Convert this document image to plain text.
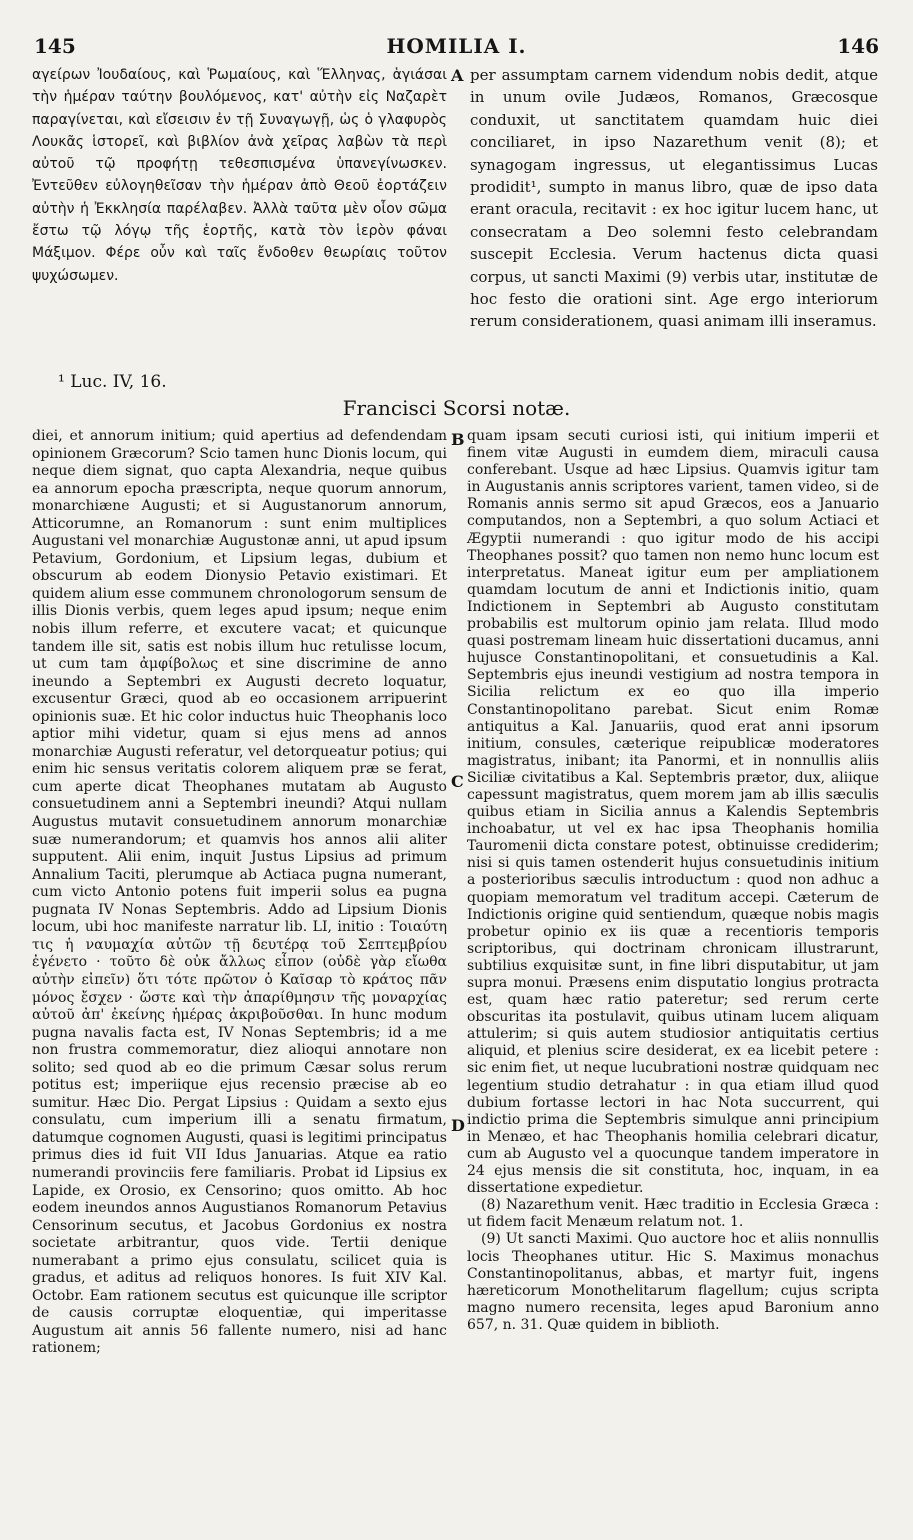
145	HOMILIA I.	146

αγείρων Ἰουδαίους, καὶ Ῥωμαίους, καὶ Ἕλληνας, ἁγιάσαι τὴν ἡμέραν ταύτην βουλόμενος, κατ' αὐτὴν εἰς Ναζαρὲτ παραγίνεται, καὶ εἴσεισιν ἐν τῇ Συναγωγῇ, ὡς ὁ γλαφυρὸς Λουκᾶς ἱστορεῖ, καὶ βιβλίον ἀνὰ χεῖρας λαβὼν τὰ περὶ αὐτοῦ τῷ προφήτῃ τεθεσπισμένα ὑπανεγίνωσκεν. Ἐντεῦθεν εὐλογηθεῖσαν τὴν ἡμέραν ἀπὸ Θεοῦ ἑορτάζειν αὐτὴν ἡ Ἐκκλησία παρέλαβεν. Ἀλλὰ ταῦτα μὲν οἷον σῶμα ἔστω τῷ λόγῳ τῆς ἑορτῆς, κατὰ τὸν ἱερὸν φάναι Μάξιμον. Φέρε οὖν καὶ ταῖς ἔνδοθεν θεωρίαις τοῦτον ψυχώσωμεν.

A per assumptam carnem videndum nobis dedit, atque in unum ovile Judæos, Romanos, Græcosque conduxit, ut sanctitatem quamdam huic diei conciliaret, in ipso Nazarethum venit (8); et synagogam ingressus, ut elegantissimus Lucas prodidit¹, sumpto in manus libro, quæ de ipso data erant oracula, recitavit : ex hoc igitur lucem hanc, ut consecratam a Deo solemni festo celebrandam suscepit Ecclesia. Verum hactenus dicta quasi corpus, ut sancti Maximi (9) verbis utar, institutæ de hoc festo die orationi sint. Age ergo interiorum rerum considerationem, quasi animam illi inseramus.

¹ Luc. IV, 16.
Francisci Scorsi notæ.

diei, et annorum initium; quid apertius ad defendendam opinionem Græcorum? Scio tamen hunc Dionis locum, qui neque diem signat, quo capta Alexandria, neque quibus ea annorum epocha præscripta, neque quorum annorum, monarchiæne Augusti; et si Augustanorum annorum, Atticorumne, an Romanorum : sunt enim multiplices Augustani vel monarchiæ Augustonæ anni, ut apud ipsum Petavium, Gordonium, et Lipsium legas, dubium et obscurum ab eodem Dionysio Petavio existimari. Et quidem alium esse communem chronologorum sensum de illis Dionis verbis, quem leges apud ipsum; neque enim nobis illum referre, et excutere vacat; et quicunque tandem ille sit, satis est nobis illum huc retulisse locum, ut cum tam ἀμφίβολως et sine discrimine de anno ineundo a Septembri ex Augusti decreto loquatur, excusentur Græci, quod ab eo occasionem arripuerint opinionis suæ. Et hic color inductus huic Theophanis loco aptior mihi videtur, quam si ejus mens ad annos monarchiæ Augusti referatur, vel detorqueatur potius; qui enim hic sensus veritatis colorem aliquem præ se ferat, cum aperte dicat Theophanes mutatam ab Augusto consuetudinem anni a Septembri ineundi? Atqui nullam Augustus mutavit consuetudinem annorum monarchiæ suæ numerandorum; et quamvis hos annos alii aliter supputent. Alii enim, inquit Justus Lipsius ad primum Annalium Taciti, plerumque ab Actiaca pugna numerant, cum victo Antonio potens fuit imperii solus ea pugna pugnata IV Nonas Septembris. Addo ad Lipsium Dionis locum, ubi hoc manifeste narratur lib. LI, initio : Τοιαύτη τις ἡ ναυμαχία αὐτῶν τῇ δευτέρᾳ τοῦ Σεπτεμβρίου ἐγένετο · τοῦτο δὲ οὐκ ἄλλως εἶπον (οὐδὲ γὰρ εἴωθα αὐτὴν εἰπεῖν) ὅτι τότε πρῶτον ὁ Καῖσαρ τὸ κράτος πᾶν μόνος ἔσχεν · ὥστε καὶ τὴν ἀπαρίθμησιν τῆς μοναρχίας αὐτοῦ ἀπ' ἐκείνης ἡμέρας ἀκριβοῦσθαι. In hunc modum pugna navalis facta est, IV Nonas Septembris; id a me non frustra commemoratur, diez alioqui annotare non solito; sed quod ab eo die primum Cæsar solus rerum potitus est; imperiique ejus recensio præcise ab eo sumitur. Hæc Dio. Pergat Lipsius : Quidam a sexto ejus consulatu, cum imperium illi a senatu firmatum, datumque cognomen Augusti, quasi is legitimi principatus primus dies id fuit VII Idus Januarias. Atque ea ratio numerandi provinciis fere familiaris. Probat id Lipsius ex Lapide, ex Orosio, ex Censorino; quos omitto. Ab hoc eodem ineundos annos Augustianos Romanorum Petavius Censorinum secutus, et Jacobus Gordonius ex nostra societate arbitrantur, quos vide. Tertii denique numerabant a primo ejus consulatu, scilicet quia is gradus, et aditus ad reliquos honores. Is fuit XIV Kal. Octobr. Eam rationem secutus est quicunque ille scriptor de causis corruptæ eloquentiæ, qui imperitasse Augustum ait annis 56 fallente numero, nisi ad hanc rationem;

B
C
D

quam ipsam secuti curiosi isti, qui initium imperii et finem vitæ Augusti in eumdem diem, miraculi causa conferebant. Usque ad hæc Lipsius. Quamvis igitur tam in Augustanis annis scriptores varient, tamen video, si de Romanis annis sermo sit apud Græcos, eos a Januario computandos, non a Septembri, a quo solum Actiaci et Ægyptii numerandi : quo igitur modo de his accipi Theophanes possit? quo tamen non nemo hunc locum est interpretatus. Maneat igitur eum per ampliationem quamdam locutum de anni et Indictionis initio, quam Indictionem in Septembri ab Augusto constitutam probabilis est multorum opinio jam relata. Illud modo quasi postremam lineam huic dissertationi ducamus, anni hujusce Constantinopolitani, et consuetudinis a Kal. Septembris ejus ineundi vestigium ad nostra tempora in Sicilia relictum ex eo quo illa imperio Constantinopolitano parebat. Sicut enim Romæ antiquitus a Kal. Januariis, quod erat anni ipsorum initium, consules, cæterique reipublicæ moderatores magistratus, inibant; ita Panormi, et in nonnullis aliis Siciliæ civitatibus a Kal. Septembris prætor, dux, aliique capessunt magistratus, quem morem jam ab illis sæculis quibus etiam in Sicilia annus a Kalendis Septembris inchoabatur, ut vel ex hac ipsa Theophanis homilia Tauromenii dicta constare potest, obtinuisse crediderim; nisi si quis tamen ostenderit hujus consuetudinis initium a posterioribus sæculis introductum : quod non adhuc a quopiam memoratum vel traditum accepi. Cæterum de Indictionis origine quid sentiendum, quæque nobis magis probetur opinio ex iis quæ a recentioris temporis scriptoribus, qui doctrinam chronicam illustrarunt, subtilius exquisitæ sunt, in fine libri disputabitur, ut jam supra monui. Præsens enim disputatio longius protracta est, quam hæc ratio pateretur; sed rerum certe obscuritas ita postulavit, quibus utinam lucem aliquam attulerim; si quis autem studiosior antiquitatis certius aliquid, et plenius scire desiderat, ex ea licebit petere : sic enim fiet, ut neque lucubrationi nostræ quidquam nec legentium studio detrahatur : in qua etiam illud quod dubium fortasse lectori in hac Nota succurrent, qui indictio prima die Septembris simulque anni principium in Menæo, et hac Theophanis homilia celebrari dicatur, cum ab Augusto vel a quocunque tandem imperatore in 24 ejus mensis die sit constituta, hoc, inquam, in ea dissertatione expedietur.

(8) Nazarethum venit. Hæc traditio in Ecclesia Græca : ut fidem facit Menæum relatum not. 1.

(9) Ut sancti Maximi. Quo auctore hoc et aliis nonnullis locis Theophanes utitur. Hic S. Maximus monachus Constantinopolitanus, abbas, et martyr fuit, ingens hæreticorum Monothelitarum flagellum; cujus scripta magno numero recensita, leges apud Baronium anno 657, n. 31. Quæ quidem in biblioth.
